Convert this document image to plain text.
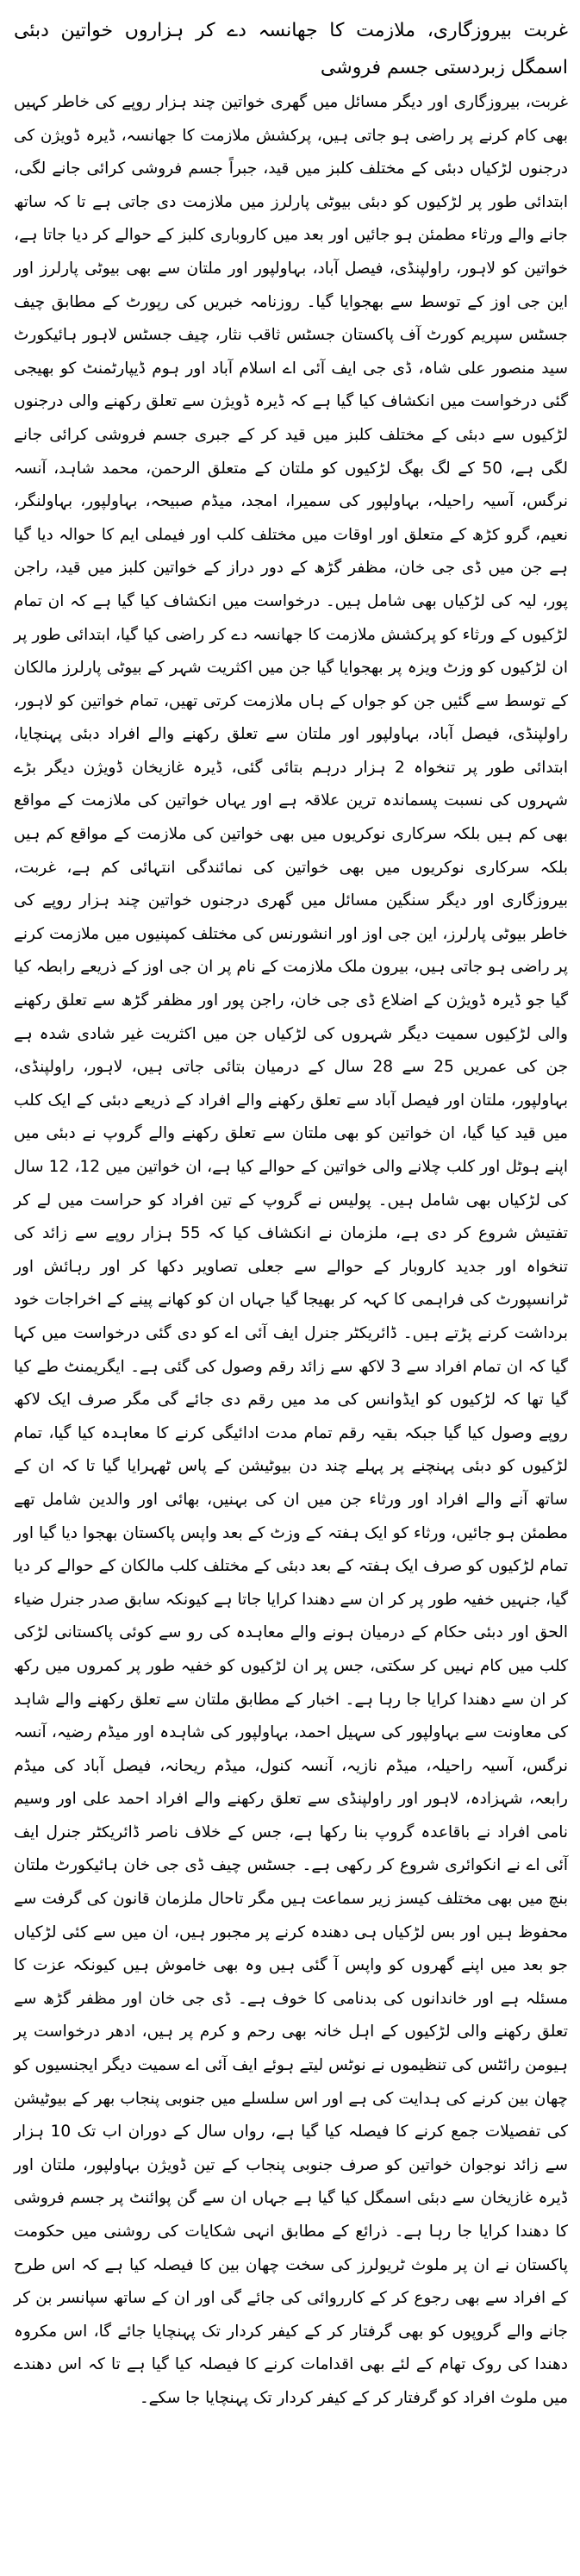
غربت بیروزگاری، ملازمت کا جھانسہ دے کر ہزاروں خواتین دبئی اسمگل زبردستی جسم فروشی

غربت، بیروزگاری اور دیگر مسائل میں گھری خواتین چند ہزار روپے کی خاطر کہیں بھی کام کرنے پر راضی ہو جاتی ہیں، پرکشش ملازمت کا جھانسہ، ڈیرہ ڈویژن کی درجنوں لڑکیاں دبئی کے مختلف کلبز میں قید، جبراً جسم فروشی کرائی جانے لگی، ابتدائی طور پر لڑکیوں کو دبئی بیوٹی پارلرز میں ملازمت دی جاتی ہے تا کہ ساتھ جانے والے ورثاء مطمئن ہو جائیں اور بعد میں کاروباری کلبز کے حوالے کر دیا جاتا ہے، خواتین کو لاہور، راولپنڈی، فیصل آباد، بہاولپور اور ملتان سے بھی بیوٹی پارلرز اور این جی اوز کے توسط سے بھجوایا گیا۔ روزنامہ خبریں کی رپورٹ کے مطابق چیف جسٹس سپریم کورٹ آف پاکستان جسٹس ثاقب نثار، چیف جسٹس لاہور ہائیکورٹ سید منصور علی شاہ، ڈی جی ایف آئی اے اسلام آباد اور ہوم ڈیپارٹمنٹ کو بھیجی گئی درخواست میں انکشاف کیا گیا ہے کہ ڈیرہ ڈویژن سے تعلق رکھنے والی درجنوں لڑکیوں سے دبئی کے مختلف کلبز میں قید کر کے جبری جسم فروشی کرائی جانے لگی ہے، 50 کے لگ بھگ لڑکیوں کو ملتان کے متعلق الرحمن، محمد شاہد، آنسہ نرگس، آسیہ راحیلہ، بہاولپور کی سمیرا، امجد، میڈم صبیحہ، بہاولپور، بہاولنگر، نعیم، گرو کڑھ کے متعلق اور اوقات میں مختلف کلب اور فیملی ایم کا حوالہ دیا گیا ہے جن میں ڈی جی خان، مظفر گڑھ کے دور دراز کے خواتین کلبز میں قید، راجن پور، لیہ کی لڑکیاں بھی شامل ہیں۔ درخواست میں انکشاف کیا گیا ہے کہ ان تمام لڑکیوں کے ورثاء کو پرکشش ملازمت کا جھانسہ دے کر راضی کیا گیا، ابتدائی طور پر ان لڑکیوں کو وزٹ ویزہ پر بھجوایا گیا جن میں اکثریت شہر کے بیوٹی پارلرز مالکان کے توسط سے گئیں جن کو جواں کے ہاں ملازمت کرتی تھیں، تمام خواتین کو لاہور، راولپنڈی، فیصل آباد، بہاولپور اور ملتان سے تعلق رکھنے والے افراد دبئی پہنچایا، ابتدائی طور پر تنخواہ 2 ہزار درہم بتائی گئی، ڈیرہ غازیخان ڈویژن دیگر بڑے شہروں کی نسبت پسماندہ ترین علاقہ ہے اور یہاں خواتین کی ملازمت کے مواقع بھی کم ہیں بلکہ سرکاری نوکریوں میں بھی خواتین کی ملازمت کے مواقع کم ہیں بلکہ سرکاری نوکریوں میں بھی خواتین کی نمائندگی انتہائی کم ہے، غربت، بیروزگاری اور دیگر سنگین مسائل میں گھری درجنوں خواتین چند ہزار روپے کی خاطر بیوٹی پارلرز، این جی اوز اور انشورنس کی مختلف کمپنیوں میں ملازمت کرنے پر راضی ہو جاتی ہیں، بیرون ملک ملازمت کے نام پر ان جی اوز کے ذریعے رابطہ کیا گیا جو ڈیرہ ڈویژن کے اضلاع ڈی جی خان، راجن پور اور مظفر گڑھ سے تعلق رکھنے والی لڑکیوں سمیت دیگر شہروں کی لڑکیاں جن میں اکثریت غیر شادی شدہ ہے جن کی عمریں 25 سے 28 سال کے درمیان بتائی جاتی ہیں، لاہور، راولپنڈی، بہاولپور، ملتان اور فیصل آباد سے تعلق رکھنے والے افراد کے ذریعے دبئی کے ایک کلب میں قید کیا گیا، ان خواتین کو بھی ملتان سے تعلق رکھنے والے گروپ نے دبئی میں اپنے ہوٹل اور کلب چلانے والی خواتین کے حوالے کیا ہے، ان خواتین میں 12، 12 سال کی لڑکیاں بھی شامل ہیں۔ پولیس نے گروپ کے تین افراد کو حراست میں لے کر تفتیش شروع کر دی ہے، ملزمان نے انکشاف کیا کہ 55 ہزار روپے سے زائد کی تنخواہ اور جدید کاروبار کے حوالے سے جعلی تصاویر دکھا کر اور رہائش اور ٹرانسپورٹ کی فراہمی کا کہہ کر بھیجا گیا جہاں ان کو کھانے پینے کے اخراجات خود برداشت کرنے پڑتے ہیں۔ ڈائریکٹر جنرل ایف آئی اے کو دی گئی درخواست میں کہا گیا کہ ان تمام افراد سے 3 لاکھ سے زائد رقم وصول کی گئی ہے۔ ایگریمنٹ طے کیا گیا تھا کہ لڑکیوں کو ایڈوانس کی مد میں رقم دی جائے گی مگر صرف ایک لاکھ روپے وصول کیا گیا جبکہ بقیہ رقم تمام مدت ادائیگی کرنے کا معاہدہ کیا گیا، تمام لڑکیوں کو دبئی پہنچنے پر پہلے چند دن بیوٹیشن کے پاس ٹھہرایا گیا تا کہ ان کے ساتھ آنے والے افراد اور ورثاء جن میں ان کی بہنیں، بھائی اور والدین شامل تھے مطمئن ہو جائیں، ورثاء کو ایک ہفتہ کے وزٹ کے بعد واپس پاکستان بھجوا دیا گیا اور تمام لڑکیوں کو صرف ایک ہفتہ کے بعد دبئی کے مختلف کلب مالکان کے حوالے کر دیا گیا، جنہیں خفیہ طور پر کر ان سے دھندا کرایا جاتا ہے کیونکہ سابق صدر جنرل ضیاء الحق اور دبئی حکام کے درمیان ہونے والے معاہدہ کی رو سے کوئی پاکستانی لڑکی کلب میں کام نہیں کر سکتی، جس پر ان لڑکیوں کو خفیہ طور پر کمروں میں رکھ کر ان سے دھندا کرایا جا رہا ہے۔ اخبار کے مطابق ملتان سے تعلق رکھنے والے شاہد کی معاونت سے بہاولپور کی سہیل احمد، بہاولپور کی شاہدہ اور میڈم رضیہ، آنسہ نرگس، آسیہ راحیلہ، میڈم نازیہ، آنسہ کنول، میڈم ریحانہ، فیصل آباد کی میڈم رابعہ، شہزادہ، لاہور اور راولپنڈی سے تعلق رکھنے والے افراد احمد علی اور وسیم نامی افراد نے باقاعدہ گروپ بنا رکھا ہے، جس کے خلاف ناصر ڈائریکٹر جنرل ایف آئی اے نے انکوائری شروع کر رکھی ہے۔ جسٹس چیف ڈی جی خان ہائیکورٹ ملتان بنچ میں بھی مختلف کیسز زیر سماعت ہیں مگر تاحال ملزمان قانون کی گرفت سے محفوظ ہیں اور بس لڑکیاں ہی دھندہ کرنے پر مجبور ہیں، ان میں سے کئی لڑکیاں جو بعد میں اپنے گھروں کو واپس آ گئی ہیں وہ بھی خاموش ہیں کیونکہ عزت کا مسئلہ ہے اور خاندانوں کی بدنامی کا خوف ہے۔ ڈی جی خان اور مظفر گڑھ سے تعلق رکھنے والی لڑکیوں کے اہل خانہ بھی رحم و کرم پر ہیں، ادھر درخواست پر ہیومن رائٹس کی تنظیموں نے نوٹس لیتے ہوئے ایف آئی اے سمیت دیگر ایجنسیوں کو چھان بین کرنے کی ہدایت کی ہے اور اس سلسلے میں جنوبی پنجاب بھر کے بیوٹیشن کی تفصیلات جمع کرنے کا فیصلہ کیا گیا ہے، رواں سال کے دوران اب تک 10 ہزار سے زائد نوجوان خواتین کو صرف جنوبی پنجاب کے تین ڈویژن بہاولپور، ملتان اور ڈیرہ غازیخان سے دبئی اسمگل کیا گیا ہے جہاں ان سے گن پوائنٹ پر جسم فروشی کا دھندا کرایا جا رہا ہے۔ ذرائع کے مطابق انہی شکایات کی روشنی میں حکومت پاکستان نے ان پر ملوث ٹریولرز کی سخت چھان بین کا فیصلہ کیا ہے کہ اس طرح کے افراد سے بھی رجوع کر کے کارروائی کی جائے گی اور ان کے ساتھ سپانسر بن کر جانے والے گروپوں کو بھی گرفتار کر کے کیفر کردار تک پہنچایا جائے گا، اس مکروہ دھندا کی روک تھام کے لئے بھی اقدامات کرنے کا فیصلہ کیا گیا ہے تا کہ اس دھندے میں ملوث افراد کو گرفتار کر کے کیفر کردار تک پہنچایا جا سکے۔
